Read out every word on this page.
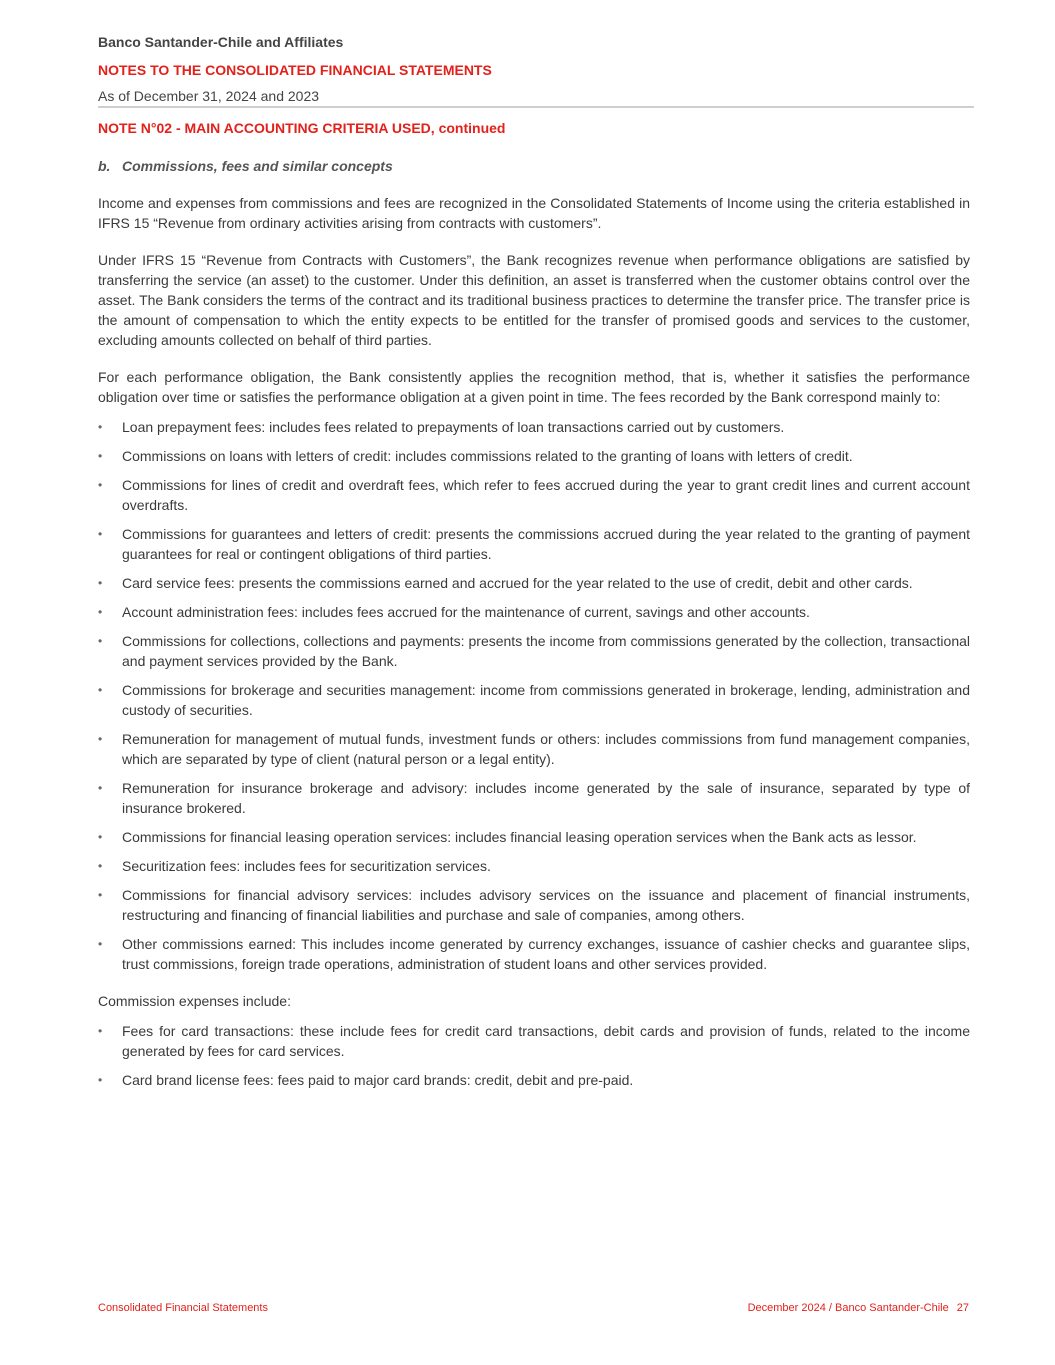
Banco Santander-Chile and Affiliates
NOTES TO THE CONSOLIDATED FINANCIAL STATEMENTS
As of December 31, 2024 and 2023
NOTE N°02 - MAIN ACCOUNTING CRITERIA USED, continued
b. Commissions, fees and similar concepts

Income and expenses from commissions and fees are recognized in the Consolidated Statements of Income using the criteria established in IFRS 15 “Revenue from ordinary activities arising from contracts with customers”.

Under IFRS 15 “Revenue from Contracts with Customers”, the Bank recognizes revenue when performance obligations are satisfied by transferring the service (an asset) to the customer. Under this definition, an asset is transferred when the customer obtains control over the asset. The Bank considers the terms of the contract and its traditional business practices to determine the transfer price. The transfer price is the amount of compensation to which the entity expects to be entitled for the transfer of promised goods and services to the customer, excluding amounts collected on behalf of third parties.

For each performance obligation, the Bank consistently applies the recognition method, that is, whether it satisfies the performance obligation over time or satisfies the performance obligation at a given point in time. The fees recorded by the Bank correspond mainly to:

•	Loan prepayment fees: includes fees related to prepayments of loan transactions carried out by customers.
•	Commissions on loans with letters of credit: includes commissions related to the granting of loans with letters of credit.
•	Commissions for lines of credit and overdraft fees, which refer to fees accrued during the year to grant credit lines and current account overdrafts.
•	Commissions for guarantees and letters of credit: presents the commissions accrued during the year related to the granting of payment guarantees for real or contingent obligations of third parties.
•	Card service fees: presents the commissions earned and accrued for the year related to the use of credit, debit and other cards.
•	Account administration fees: includes fees accrued for the maintenance of current, savings and other accounts.
•	Commissions for collections, collections and payments: presents the income from commissions generated by the collection, transactional and payment services provided by the Bank.
•	Commissions for brokerage and securities management: income from commissions generated in brokerage, lending, administration and custody of securities.
•	Remuneration for management of mutual funds, investment funds or others: includes commissions from fund management companies, which are separated by type of client (natural person or a legal entity).
•	Remuneration for insurance brokerage and advisory: includes income generated by the sale of insurance, separated by type of insurance brokered.
•	Commissions for financial leasing operation services: includes financial leasing operation services when the Bank acts as lessor.
•	Securitization fees: includes fees for securitization services.
•	Commissions for financial advisory services: includes advisory services on the issuance and placement of financial instruments, restructuring and financing of financial liabilities and purchase and sale of companies, among others.
•	Other commissions earned: This includes income generated by currency exchanges, issuance of cashier checks and guarantee slips, trust commissions, foreign trade operations, administration of student loans and other services provided.

Commission expenses include:

•	Fees for card transactions: these include fees for credit card transactions, debit cards and provision of funds, related to the income generated by fees for card services.
•	Card brand license fees: fees paid to major card brands: credit, debit and pre-paid.
Consolidated Financial Statements	December 2024 / Banco Santander-Chile 27
